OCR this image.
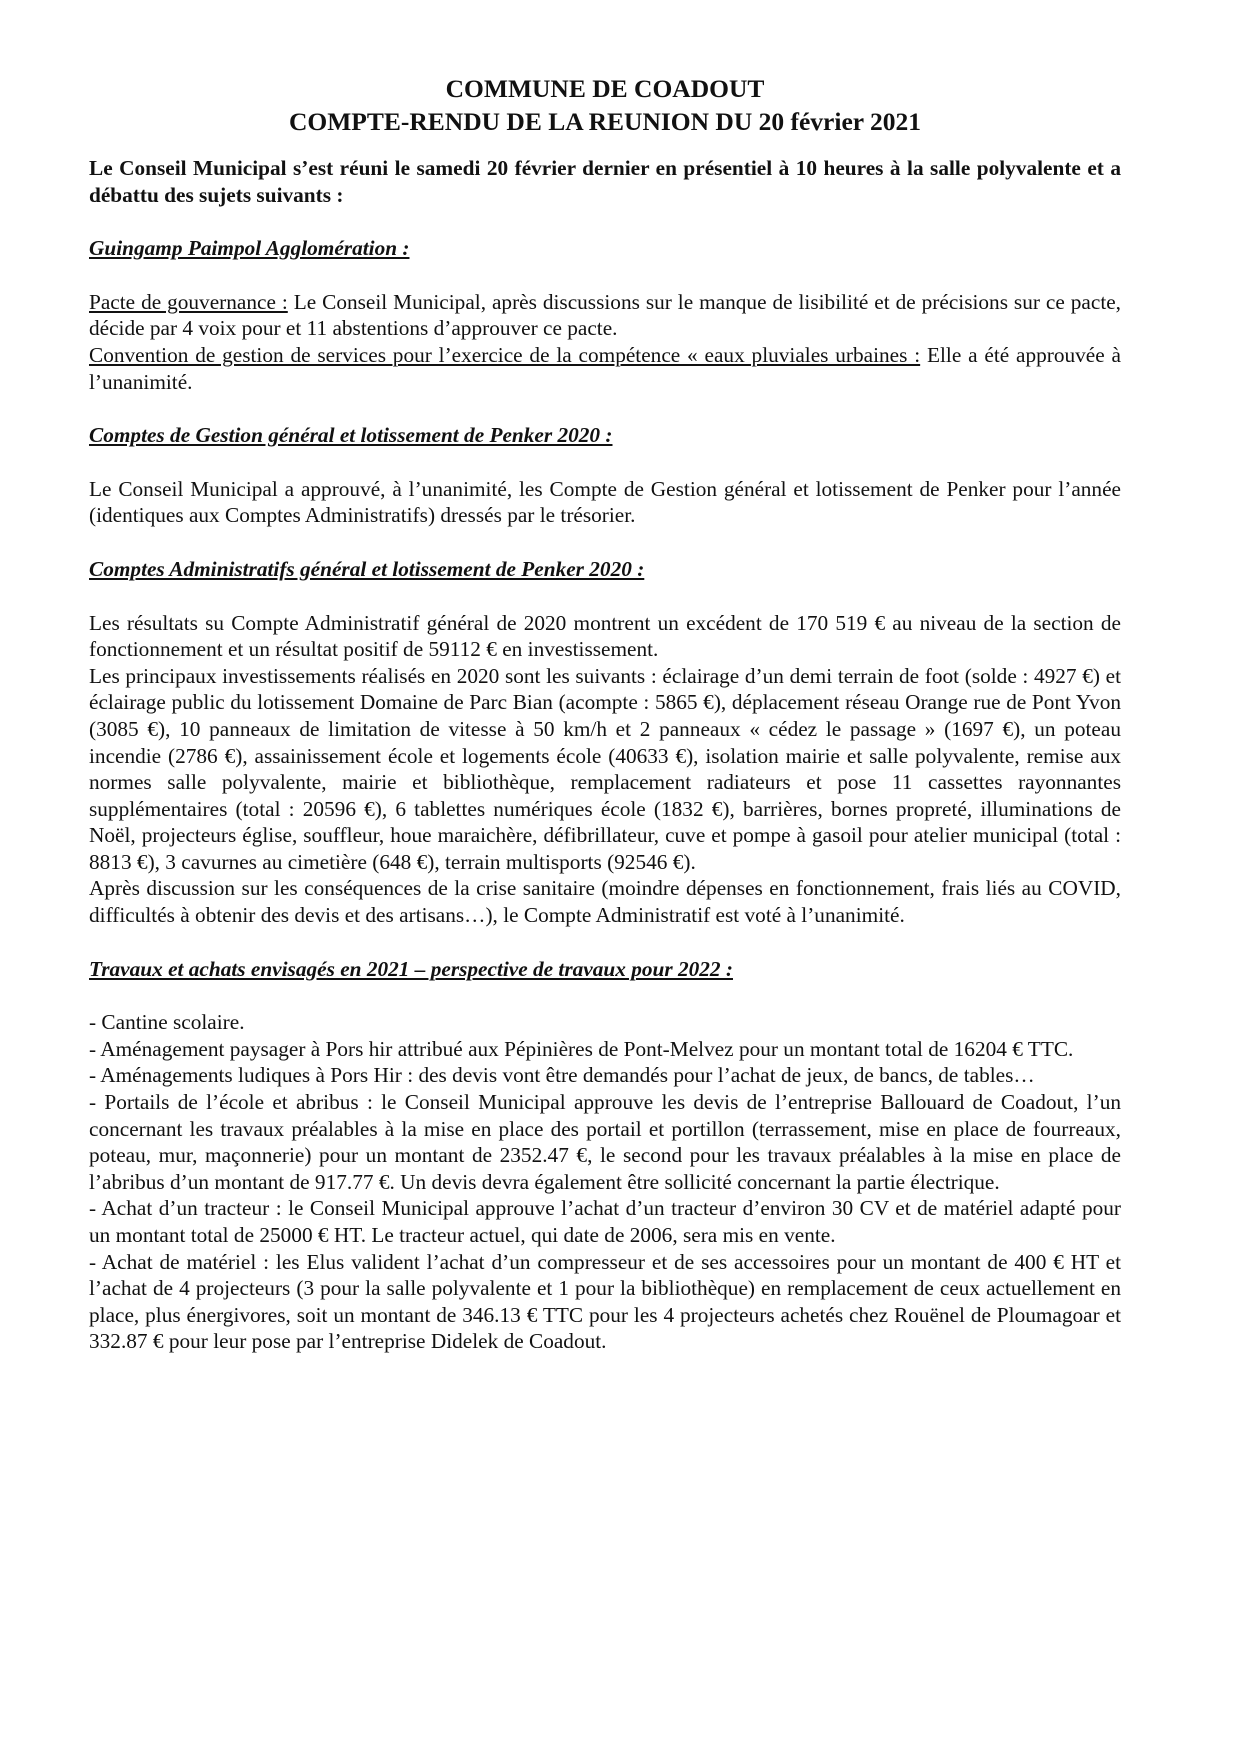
COMMUNE DE COADOUT

COMPTE-RENDU DE LA REUNION DU 20 février 2021

Le Conseil Municipal s’est réuni le samedi 20 février dernier en présentiel à 10 heures à la salle polyvalente et a débattu des sujets suivants :

Guingamp Paimpol Agglomération :

Pacte de gouvernance : Le Conseil Municipal, après discussions sur le manque de lisibilité et de précisions sur ce pacte, décide par 4 voix pour et 11 abstentions d’approuver ce pacte.

Convention de gestion de services pour l’exercice de la compétence « eaux pluviales urbaines : Elle a été approuvée à l’unanimité.

Comptes de Gestion général et lotissement de Penker 2020 :

Le Conseil Municipal a approuvé, à l’unanimité, les Compte de Gestion général et lotissement de Penker pour l’année (identiques aux Comptes Administratifs) dressés par le trésorier.

Comptes Administratifs général et lotissement de Penker 2020 :

Les résultats su Compte Administratif général de 2020 montrent un excédent de 170 519 € au niveau de la section de fonctionnement et un résultat positif de 59112 € en investissement.

Les principaux investissements réalisés en 2020 sont les suivants : éclairage d’un demi terrain de foot (solde : 4927 €) et éclairage public du lotissement Domaine de Parc Bian (acompte : 5865 €), déplacement réseau Orange rue de Pont Yvon (3085 €), 10 panneaux de limitation de vitesse à 50 km/h et 2 panneaux « cédez le passage » (1697 €), un poteau incendie (2786 €), assainissement école et logements école (40633 €), isolation mairie et salle polyvalente, remise aux normes salle polyvalente, mairie et bibliothèque, remplacement radiateurs et pose 11 cassettes rayonnantes supplémentaires (total : 20596 €), 6 tablettes numériques école (1832 €), barrières, bornes propreté, illuminations de Noël, projecteurs église, souffleur, houe maraichère, défibrillateur, cuve et pompe à gasoil pour atelier municipal (total : 8813 €), 3 cavurnes au cimetière (648 €), terrain multisports (92546 €).

Après discussion sur les conséquences de la crise sanitaire (moindre dépenses en fonctionnement, frais liés au COVID, difficultés à obtenir des devis et des artisans…), le Compte Administratif est voté à l’unanimité.

Travaux et achats envisagés en 2021 – perspective de travaux pour 2022 :

- Cantine scolaire.

- Aménagement paysager à Pors hir attribué aux Pépinières de Pont-Melvez pour un montant total de 16204 € TTC.

- Aménagements ludiques à Pors Hir : des devis vont être demandés pour l’achat de jeux, de bancs, de tables…

- Portails de l’école et abribus : le Conseil Municipal approuve les devis de l’entreprise Ballouard de Coadout, l’un concernant les travaux préalables à la mise en place des portail et portillon (terrassement, mise en place de fourreaux, poteau, mur, maçonnerie) pour un montant de 2352.47 €, le second pour les travaux préalables à la mise en place de l’abribus d’un montant de 917.77 €. Un devis devra également être sollicité concernant la partie électrique.

- Achat d’un tracteur : le Conseil Municipal approuve l’achat d’un tracteur d’environ 30 CV et de matériel adapté pour un montant total de 25000 € HT. Le tracteur actuel, qui date de 2006, sera mis en vente.

- Achat de matériel : les Elus valident l’achat d’un compresseur et de ses accessoires pour un montant de 400 € HT et l’achat de 4 projecteurs (3 pour la salle polyvalente et 1 pour la bibliothèque) en remplacement de ceux actuellement en place, plus énergivores, soit un montant de 346.13 € TTC pour les 4 projecteurs achetés chez Rouënel de Ploumagoar et 332.87 € pour leur pose par l’entreprise Didelek de Coadout.
